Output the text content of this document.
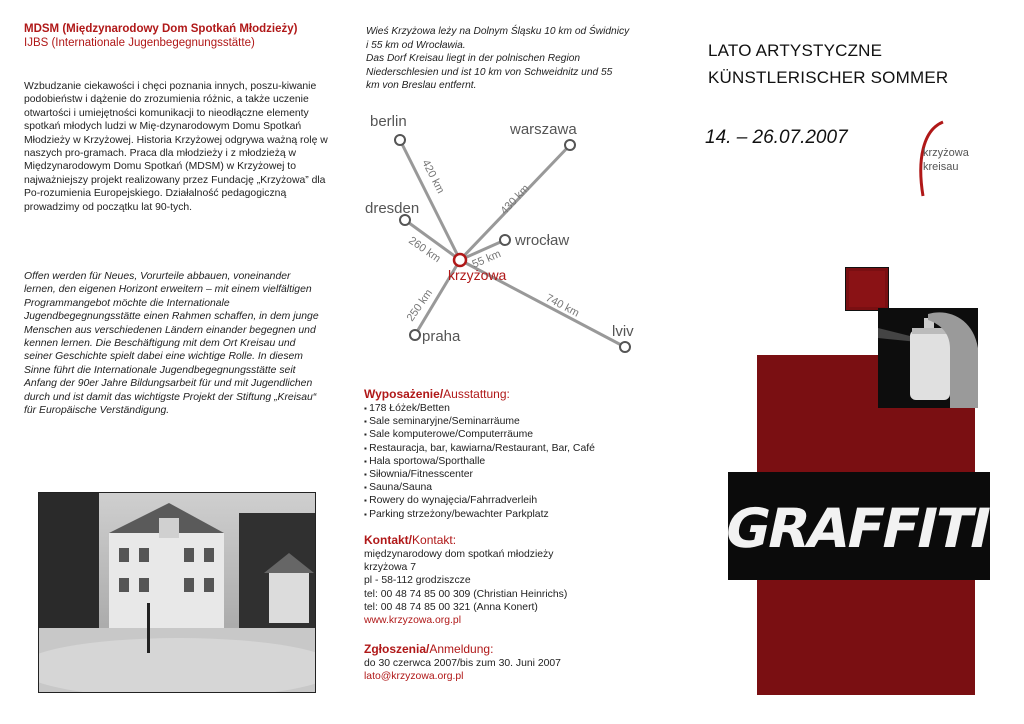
MDSM (Międzynarodowy Dom Spotkań Młodzieży)
IJBS (Internationale Jugenbegegnungsstätte)
Wzbudzanie ciekawości i chęci poznania innych, poszu-kiwanie podobieństw i dążenie do zrozumienia różnic, a także uczenie otwartości i umiejętności komunikacji to nieodłączne elementy spotkań młodych ludzi w Mię-dzynarodowym Domu Spotkań Młodzieży w Krzyżowej. Historia Krzyżowej odgrywa ważną rolę w naszych pro-gramach. Praca dla młodzieży i z młodzieżą w Międzynarodowym Domu Spotkań (MDSM) w Krzyżowej to najważniejszy projekt realizowany przez Fundację „Krzyżowa” dla Po-rozumienia Europejskiego. Działalność pedagogiczną prowadzimy od początku lat 90-tych.
Offen werden für Neues, Vorurteile abbauen, voneinander lernen, den eigenen Horizont erweitern – mit einem vielfältigen Programmangebot möchte die Internationale Jugendbegegnungsstätte einen Rahmen schaffen, in dem junge Menschen aus verschiedenen Ländern einander begegnen und kennen lernen. Die Beschäftigung mit dem Ort Kreisau und seiner Geschichte spielt dabei eine wichtige Rolle. In diesem Sinne führt die Internationale Jugendbegegnungsstätte seit Anfang der 90er Jahre Bildungsarbeit für und mit Jugendlichen durch und ist damit das wichtigste Projekt der Stiftung „Kreisau“ für Europäische Verständigung.
Wieś Krzyżowa leży na Dolnym Śląsku 10 km od Świdnicy
i 55 km od Wrocławia.
Das Dorf Kreisau liegt in der polnischen Region
Niederschlesien und ist 10 km von Schweidnitz und 55
km von Breslau entfernt.
berlin	warszawa
dresden
wrocław
praha	lviv
krzyżowa
420 km
430 km
260 km	55 km
250 km	740 km
Wyposażenie/Ausstattung:
▪ 178 Łóżek/Betten
▪ Sale seminaryjne/Seminarräume
▪ Sale komputerowe/Computerräume
▪ Restauracja, bar, kawiarna/Restaurant, Bar, Café
▪ Hala sportowa/Sporthalle
▪ Siłownia/Fitnesscenter
▪ Sauna/Sauna
▪ Rowery do wynajęcia/Fahrradverleih
▪ Parking strzeżony/bewachter Parkplatz
Kontakt/Kontakt:
międzynarodowy dom spotkań młodzieży
krzyżowa 7
pl - 58-112 grodziszcze
tel: 00 48 74 85 00 309 (Christian Heinrichs)
tel: 00 48 74 85 00 321 (Anna Konert)
www.krzyzowa.org.pl
Zgłoszenia/Anmeldung:
do 30 czerwca 2007/bis zum 30. Juni 2007
lato@krzyzowa.org.pl
LATO ARTYSTYCZNE
KÜNSTLERISCHER SOMMER
14. – 26.07.2007
krzyżowa
kreisau
GRAFFITI
